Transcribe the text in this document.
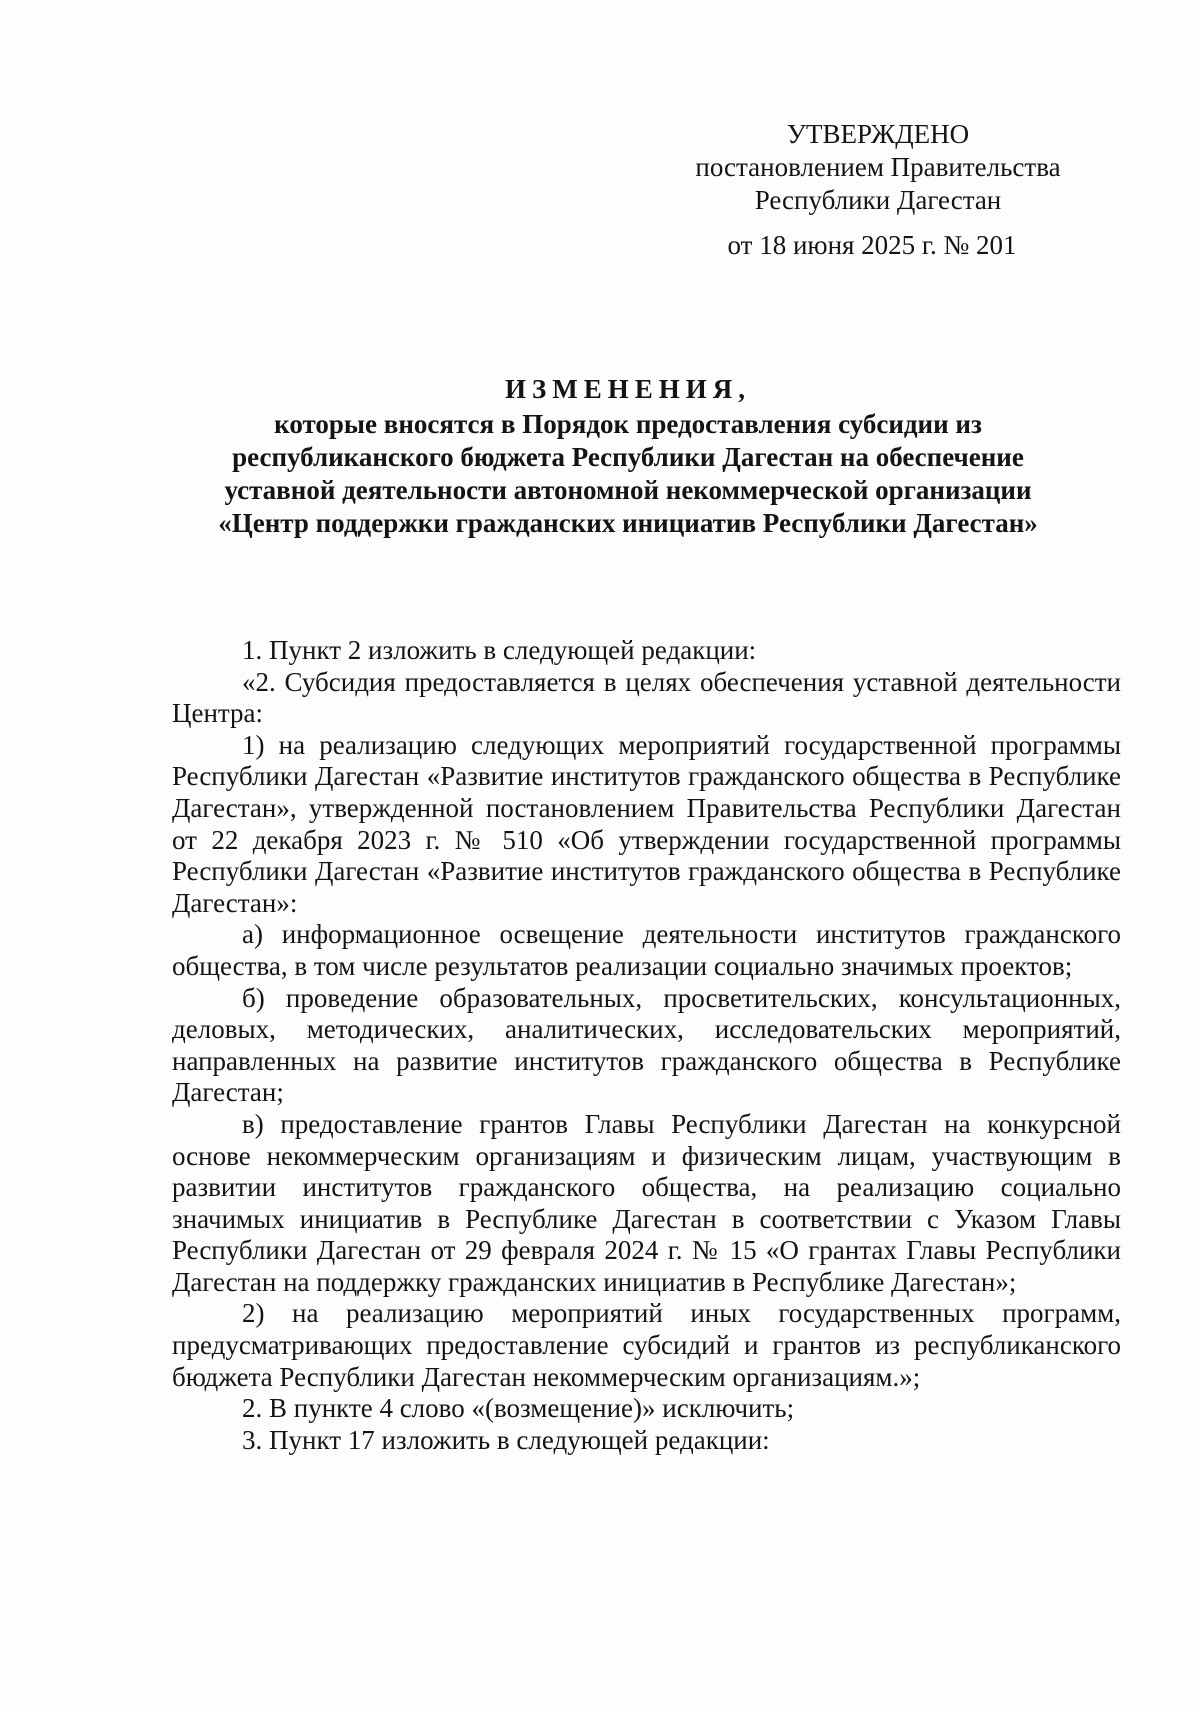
УТВЕРЖДЕНО
постановлением Правительства
Республики Дагестан
от 18 июня 2025 г. № 201
ИЗМЕНЕНИЯ,
которые вносятся в Порядок предоставления субсидии из
республиканского бюджета Республики Дагестан на обеспечение
уставной деятельности автономной некоммерческой организации
«Центр поддержки гражданских инициатив Республики Дагестан»

1. Пункт 2 изложить в следующей редакции:

«2. Субсидия предоставляется в целях обеспечения уставной деятельности Центра:

1) на реализацию следующих мероприятий государственной программы Республики Дагестан «Развитие институтов гражданского общества в Республике Дагестан», утвержденной постановлением Правительства Республики Дагестан от 22 декабря 2023 г. № 510 «Об утверждении государственной программы Республики Дагестан «Развитие институтов гражданского общества в Республике Дагестан»:

а) информационное освещение деятельности институтов гражданского общества, в том числе результатов реализации социально значимых проектов;

б) проведение образовательных, просветительских, консультационных, деловых, методических, аналитических, исследовательских мероприятий, направленных на развитие институтов гражданского общества в Республике Дагестан;

в) предоставление грантов Главы Республики Дагестан на конкурсной основе некоммерческим организациям и физическим лицам, участвующим в развитии институтов гражданского общества, на реализацию социально значимых инициатив в Республике Дагестан в соответствии с Указом Главы Республики Дагестан от 29 февраля 2024 г. № 15 «О грантах Главы Республики Дагестан на поддержку гражданских инициатив в Республике Дагестан»;

2) на реализацию мероприятий иных государственных программ, предусматривающих предоставление субсидий и грантов из республиканского бюджета Республики Дагестан некоммерческим организациям.»;

2. В пункте 4 слово «(возмещение)» исключить;

3. Пункт 17 изложить в следующей редакции:
